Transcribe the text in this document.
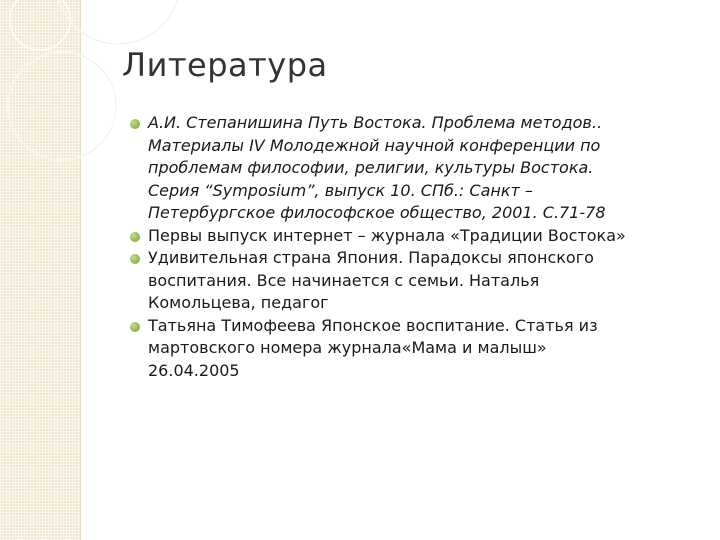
Литература
А.И. Степанишина Путь Востока. Проблема методов..
Материалы IV Молодежной научной конференции по
проблемам философии, религии, культуры Востока.
Серия “Symposium”, выпуск 10. СПб.: Санкт –
Петербургское философское общество, 2001. С.71-78
Первы выпуск интернет – журнала «Традиции Востока»
Удивительная страна Япония. Парадоксы японского
воспитания. Все начинается с семьи. Наталья
Комольцева, педагог
Татьяна Тимофеева Японское воспитание. Статья из
мартовского номера журнала«Мама и малыш»
26.04.2005
